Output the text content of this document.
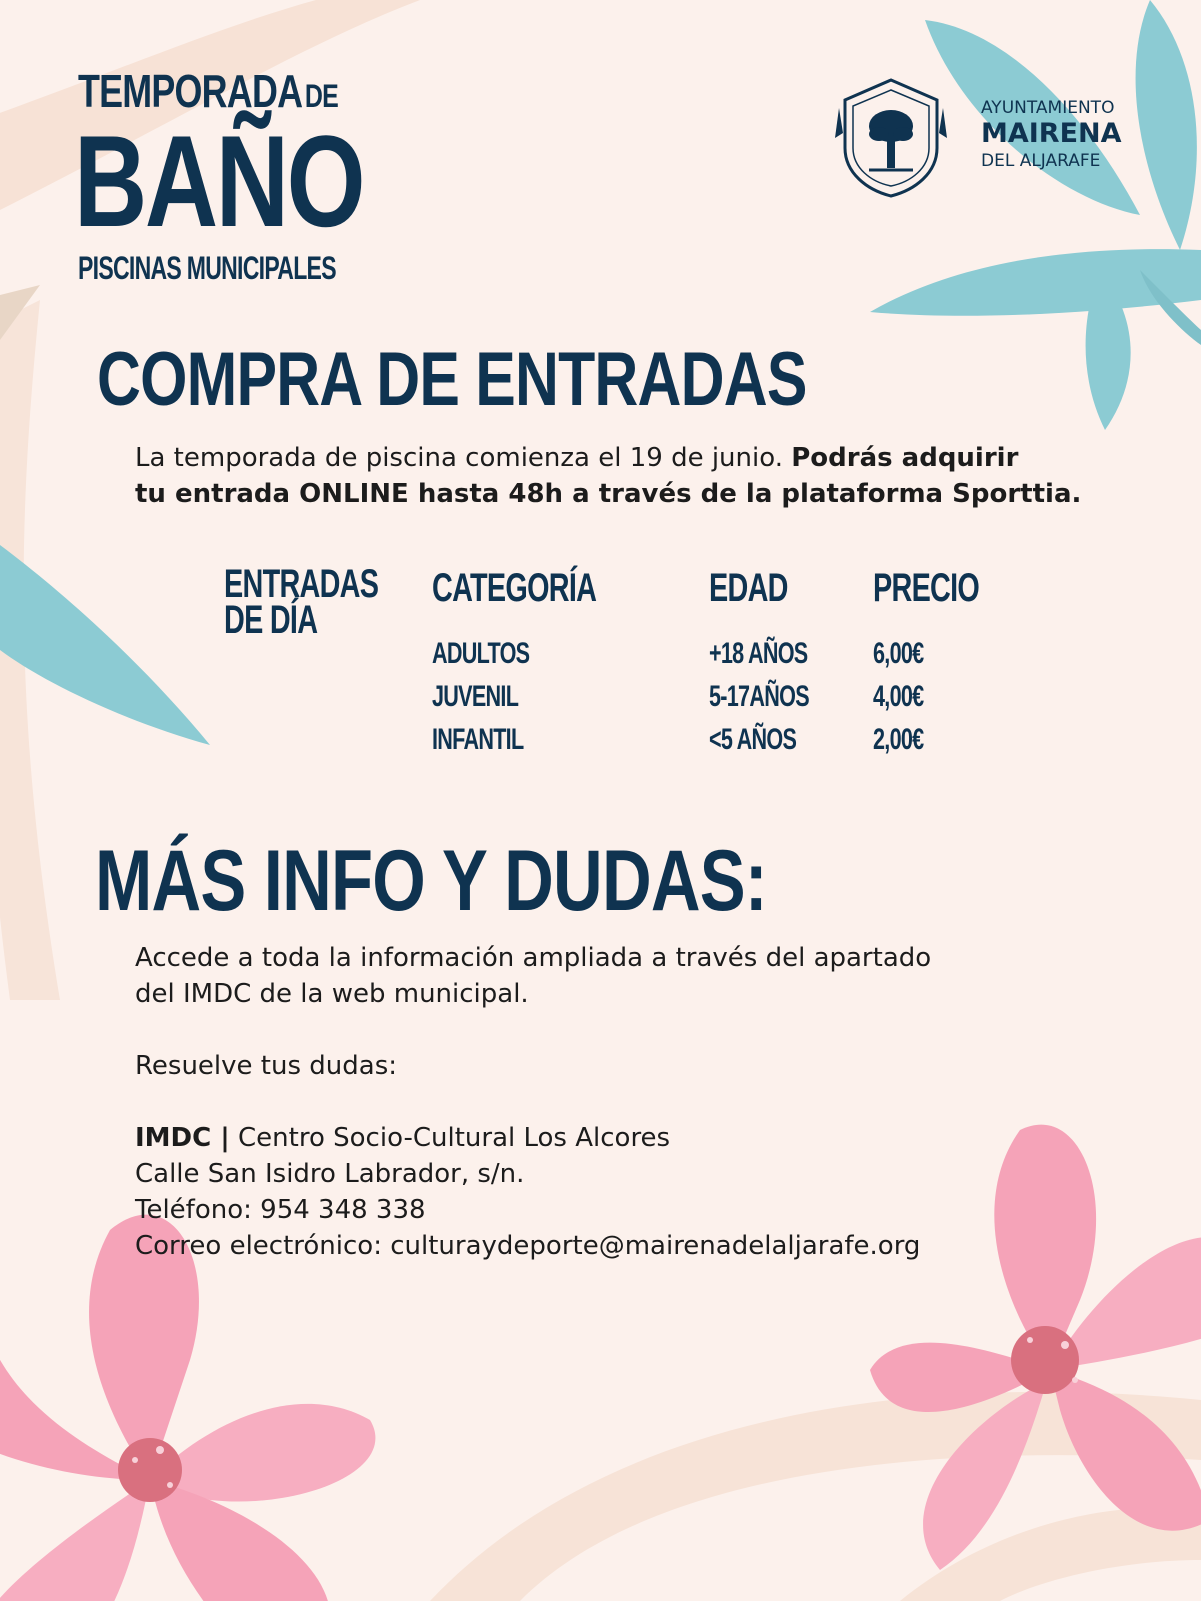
TEMPORADA DE
BAÑO
PISCINAS MUNICIPALES
AYUNTAMIENTO
MAIRENA
DEL ALJARAFE
COMPRA DE ENTRADAS
La temporada de piscina comienza el 19 de junio. Podrás adquirir
tu entrada ONLINE hasta 48h a través de la plataforma Sporttia.
ENTRADAS
DE DÍA
CATEGORÍA	EDAD PRECIO
ADULTOS	+18 AÑOS 6,00€
JUVENIL	5-17AÑOS 4,00€
INFANTIL	<5 AÑOS	2,00€
MÁS INFO Y DUDAS:
Accede a toda la información ampliada a través del apartado
del IMDC de la web municipal.
Resuelve tus dudas:
IMDC | Centro Socio-Cultural Los Alcores
Calle San Isidro Labrador, s/n.
Teléfono: 954 348 338
Correo electrónico: culturaydeporte@mairenadelaljarafe.org
